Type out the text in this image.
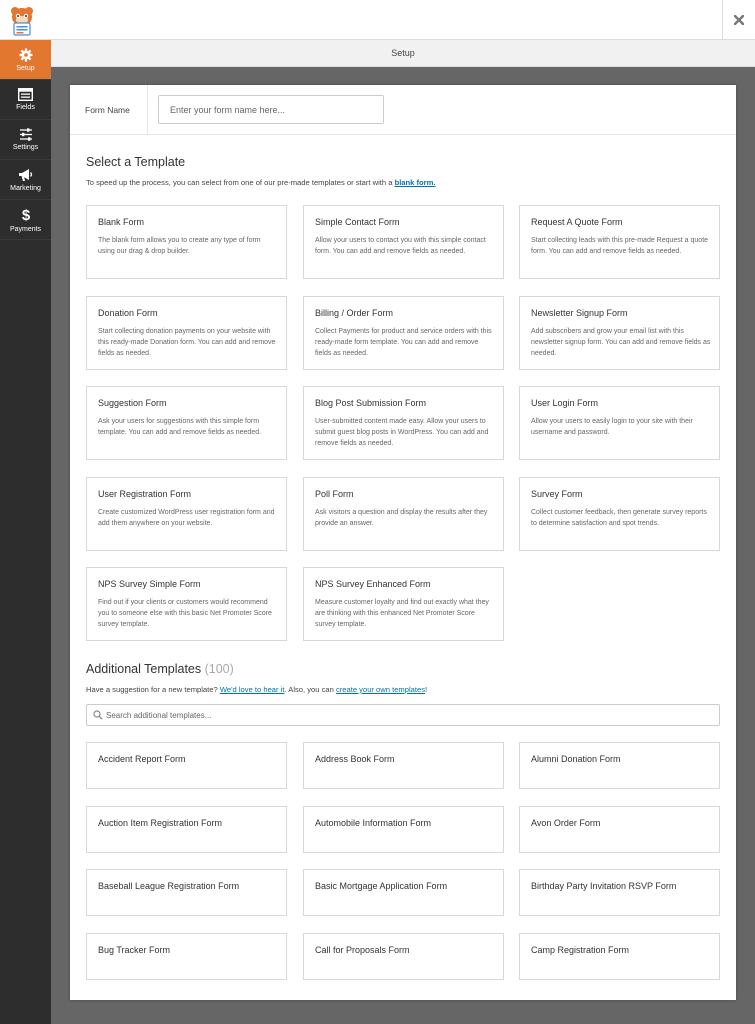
Setup
Fields
Settings
Marketing
$
Payments
Setup
Form Name
Enter your form name here...
Select a Template
To speed up the process, you can select from one of our pre-made templates or start with a blank form.
Blank Form
The blank form allows you to create any type of form using our drag & drop builder.
Simple Contact Form
Allow your users to contact you with this simple contact form. You can add and remove fields as needed.
Request A Quote Form
Start collecting leads with this pre-made Request a quote form. You can add and remove fields as needed.
Donation Form
Start collecting donation payments on your website with this ready-made Donation form. You can add and remove fields as needed.
Billing / Order Form
Collect Payments for product and service orders with this ready-made form template. You can add and remove fields as needed.
Newsletter Signup Form
Add subscribers and grow your email list with this newsletter signup form. You can add and remove fields as needed.
Suggestion Form
Ask your users for suggestions with this simple form template. You can add and remove fields as needed.
Blog Post Submission Form
User-submitted content made easy. Allow your users to submit guest blog posts in WordPress. You can add and remove fields as needed.
User Login Form
Allow your users to easily login to your site with their username and password.
User Registration Form
Create customized WordPress user registration form and add them anywhere on your website.
Poll Form
Ask visitors a question and display the results after they provide an answer.
Survey Form
Collect customer feedback, then generate survey reports to determine satisfaction and spot trends.
NPS Survey Simple Form
Find out if your clients or customers would recommend you to someone else with this basic Net Promoter Score survey template.
NPS Survey Enhanced Form
Measure customer loyalty and find out exactly what they are thinking with this enhanced Net Promoter Score survey template.
Additional Templates (100)
Have a suggestion for a new template? We'd love to hear it. Also, you can create your own templates!
Search additional templates...
Accident Report Form	Address Book Form	Alumni Donation Form
Auction Item Registration Form	Automobile Information Form	Avon Order Form
Baseball League Registration Form	Basic Mortgage Application Form	Birthday Party Invitation RSVP Form
Bug Tracker Form	Call for Proposals Form	Camp Registration Form
